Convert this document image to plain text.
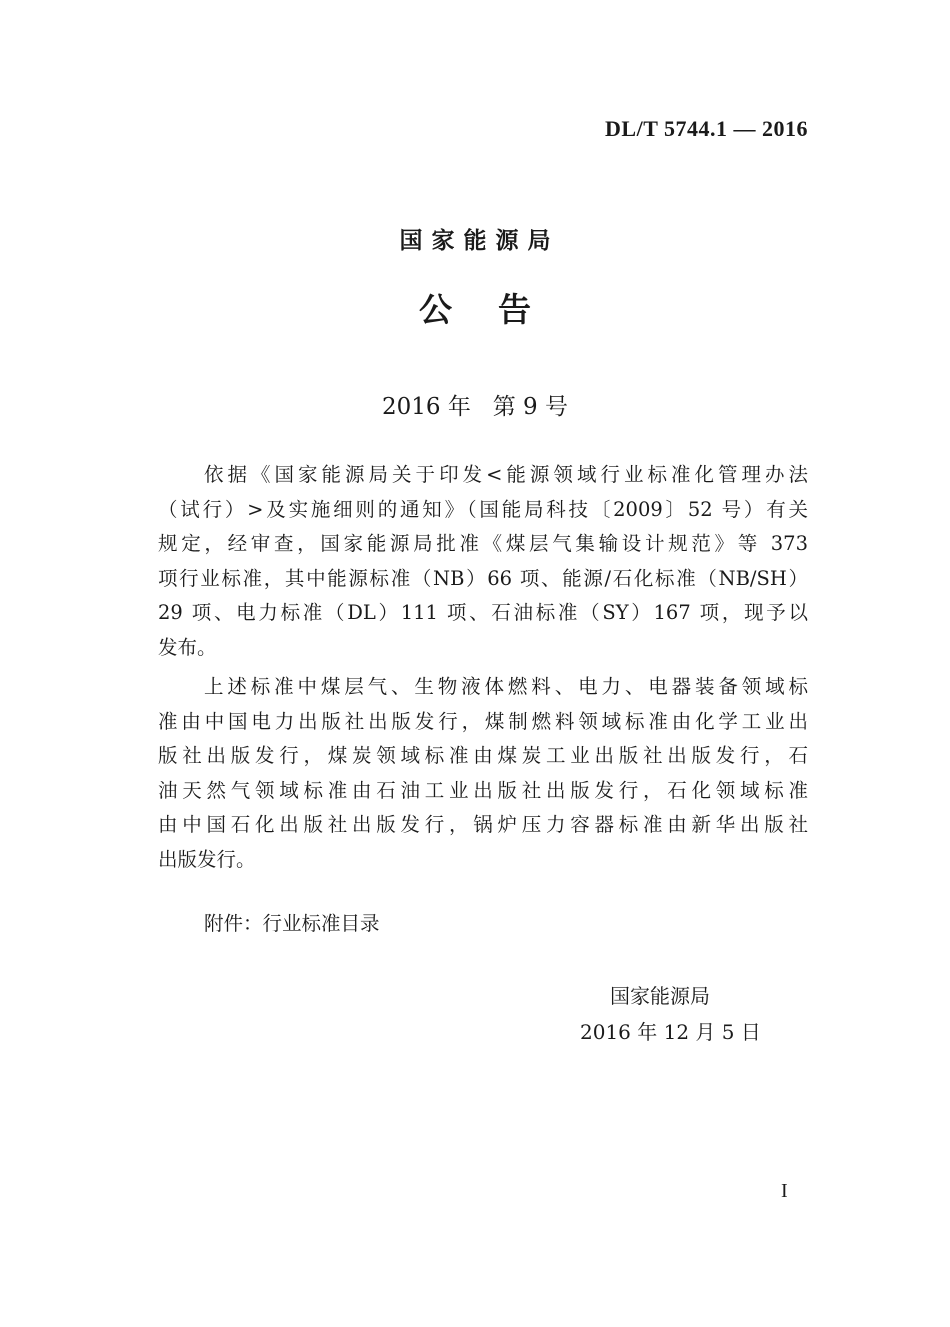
DL/T 5744.1 — 2016
国家能源局
公    告
2016 年   第 9 号
依据《国家能源局关于印发<能源领域行业标准化管理办法
（试行）>及实施细则的通知》（国能局科技〔2009〕52 号）有关
规定，经审查，国家能源局批准《煤层气集输设计规范》等 373
项行业标准，其中能源标准（NB）66 项、能源/石化标准（NB/SH）
29 项、电力标准（DL）111 项、石油标准（SY）167 项，现予以
发布。
上述标准中煤层气、生物液体燃料、电力、电器装备领域标
准由中国电力出版社出版发行，煤制燃料领域标准由化学工业出
版社出版发行，煤炭领域标准由煤炭工业出版社出版发行，石
油天然气领域标准由石油工业出版社出版发行，石化领域标准
由中国石化出版社出版发行，锅炉压力容器标准由新华出版社
出版发行。
附件：行业标准目录
国家能源局
2016 年 12 月 5 日
I
